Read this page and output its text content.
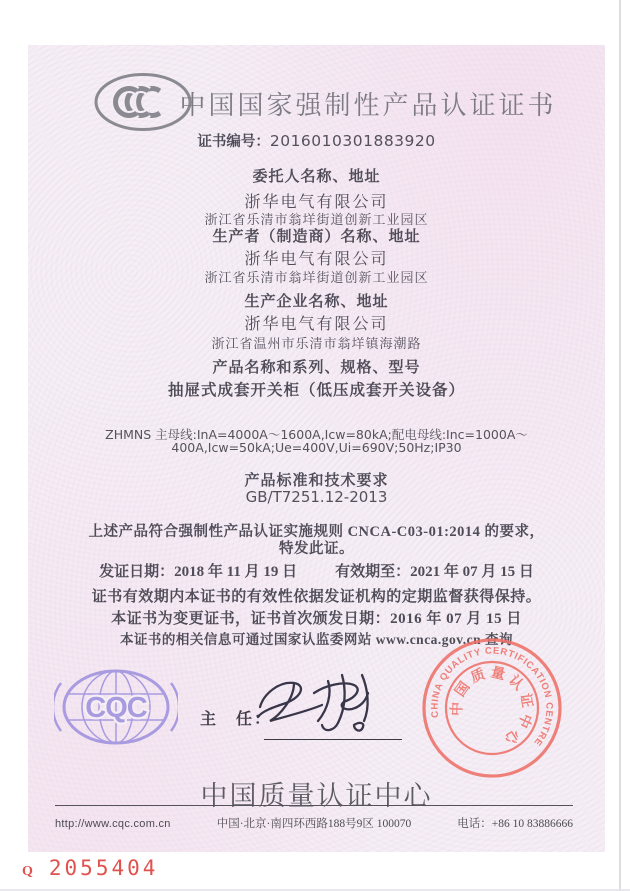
中国国家强制性产品认证证书
证书编号：2016010301883920
委托人名称、地址
浙华电气有限公司
浙江省乐清市翁垟街道创新工业园区
生产者（制造商）名称、地址
浙华电气有限公司
浙江省乐清市翁垟街道创新工业园区
生产企业名称、地址
浙华电气有限公司
浙江省温州市乐清市翁垟镇海潮路
产品名称和系列、规格、型号
抽屉式成套开关柜（低压成套开关设备）
ZHMNS 主母线:InA=4000A～1600A,Icw=80kA;配电母线:Inc=1000A～
400A,Icw=50kA;Ue=400V,Ui=690V;50Hz;IP30
产品标准和技术要求
GB/T7251.12-2013
上述产品符合强制性产品认证实施规则 CNCA-C03-01:2014 的要求，
特发此证。
发证日期：2018 年 11 月 19 日	有效期至：2021 年 07 月 15 日
证书有效期内本证书的有效性依据发证机构的定期监督获得保持。
本证书为变更证书，证书首次颁发日期：2016 年 07 月 15 日
本证书的相关信息可通过国家认监委网站 www.cnca.gov.cn 查询
CQC	主　任：	CHINA QUALITY CERTIFICATION CENTRE
中国质量认证中心
中国质量认证中心
http://www.cqc.com.cn	中国·北京·南四环西路188号9区 100070	电话：+86 10 83886666
Q 2055404
